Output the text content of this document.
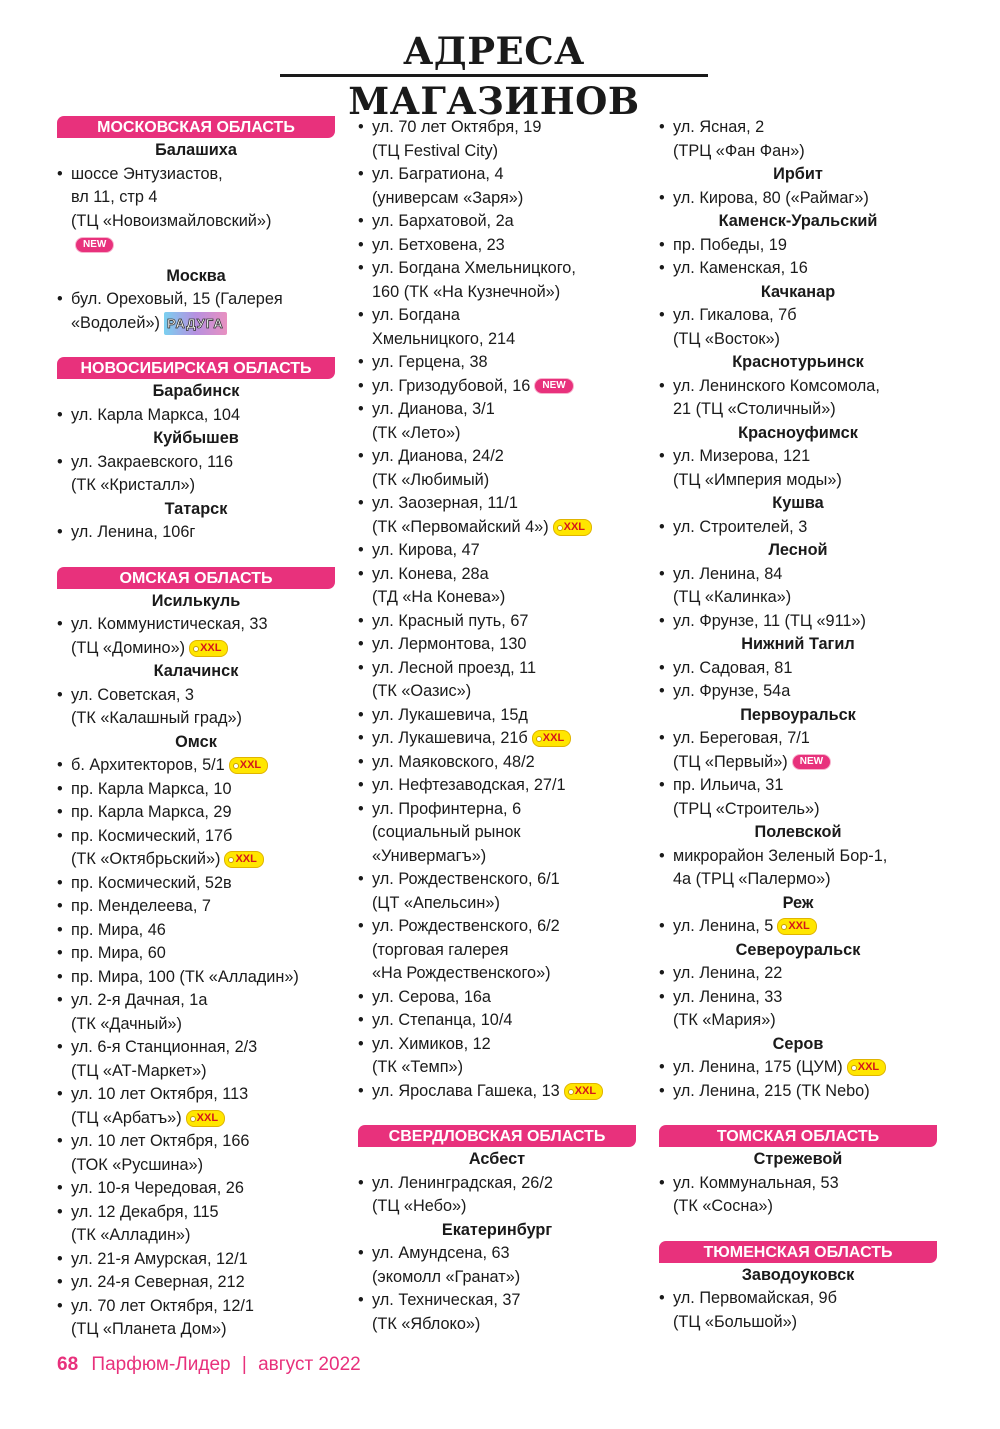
АДРЕСА МАГАЗИНОВ
МОСКОВСКАЯ ОБЛАСТЬ
Балашиха
• шоссе Энтузиастов,
вл 11, стр 4
(ТЦ «Новоизмайловский»)
NEW
Москва
• бул. Ореховый, 15 (Галерея
«Водолей») РАДУГА
НОВОСИБИРСКАЯ ОБЛАСТЬ
Барабинск
• ул. Карла Маркса, 104
Куйбышев
• ул. Закраевского, 116
(ТК «Кристалл»)
Татарск
• ул. Ленина, 106г
ОМСКАЯ ОБЛАСТЬ
Исилькуль
• ул. Коммунистическая, 33
(ТЦ «Домино») XXL
Калачинск
• ул. Советская, 3
(ТК «Калашный град»)
Омск
• б. Архитекторов, 5/1 XXL
• пр. Карла Маркса, 10
• пр. Карла Маркса, 29
• пр. Космический, 17б
(ТК «Октябрьский») XXL
• пр. Космический, 52в
• пр. Менделеева, 7
• пр. Мира, 46
• пр. Мира, 60
• пр. Мира, 100 (ТК «Алладин»)
• ул. 2-я Дачная, 1а
(ТК «Дачный»)
• ул. 6-я Станционная, 2/3
(ТЦ «АТ-Маркет»)
• ул. 10 лет Октября, 113
(ТЦ «Арбатъ») XXL
• ул. 10 лет Октября, 166
(ТОК «Русшина»)
• ул. 10-я Чередовая, 26
• ул. 12 Декабря, 115
(ТК «Алладин»)
• ул. 21-я Амурская, 12/1
• ул. 24-я Северная, 212
• ул. 70 лет Октября, 12/1
(ТЦ «Планета Дом»)
• ул. 70 лет Октября, 19
(ТЦ Festival City)
• ул. Багратиона, 4
(универсам «Заря»)
• ул. Бархатовой, 2а
• ул. Бетховена, 23
• ул. Богдана Хмельницкого,
160 (ТК «На Кузнечной»)
• ул. Богдана
Хмельницкого, 214
• ул. Герцена, 38
• ул. Гризодубовой, 16 NEW
• ул. Дианова, 3/1
(ТК «Лето»)
• ул. Дианова, 24/2
(ТК «Любимый)
• ул. Заозерная, 11/1
(ТК «Первомайский 4») XXL
• ул. Кирова, 47
• ул. Конева, 28а
(ТД «На Конева»)
• ул. Красный путь, 67
• ул. Лермонтова, 130
• ул. Лесной проезд, 11
(ТК «Оазис»)
• ул. Лукашевича, 15д
• ул. Лукашевича, 21б XXL
• ул. Маяковского, 48/2
• ул. Нефтезаводская, 27/1
• ул. Профинтерна, 6
(социальный рынок
«Универмагъ»)
• ул. Рождественского, 6/1
(ЦТ «Апельсин»)
• ул. Рождественского, 6/2
(торговая галерея
«На Рождественского»)
• ул. Серова, 16а
• ул. Степанца, 10/4
• ул. Химиков, 12
(ТК «Темп»)
• ул. Ярослава Гашека, 13 XXL
СВЕРДЛОВСКАЯ ОБЛАСТЬ
Асбест
• ул. Ленинградская, 26/2
(ТЦ «Небо»)
Екатеринбург
• ул. Амундсена, 63
(экомолл «Гранат»)
• ул. Техническая, 37
(ТК «Яблоко»)
• ул. Ясная, 2
(ТРЦ «Фан Фан»)
Ирбит
• ул. Кирова, 80 («Раймаг»)
Каменск-Уральский
• пр. Победы, 19
• ул. Каменская, 16
Качканар
• ул. Гикалова, 7б
(ТЦ «Восток»)
Краснотурьинск
• ул. Ленинского Комсомола,
21 (ТЦ «Столичный»)
Красноуфимск
• ул. Мизерова, 121
(ТЦ «Империя моды»)
Кушва
• ул. Строителей, 3
Лесной
• ул. Ленина, 84
(ТЦ «Калинка»)
• ул. Фрунзе, 11 (ТЦ «911»)
Нижний Тагил
• ул. Садовая, 81
• ул. Фрунзе, 54а
Первоуральск
• ул. Береговая, 7/1
(ТЦ «Первый») NEW
• пр. Ильича, 31
(ТРЦ «Строитель»)
Полевской
• микрорайон Зеленый Бор-1,
4а (ТРЦ «Палермо»)
Реж
• ул. Ленина, 5 XXL
Североуральск
• ул. Ленина, 22
• ул. Ленина, 33
(ТК «Мария»)
Серов
• ул. Ленина, 175 (ЦУМ) XXL
• ул. Ленина, 215 (ТК Nebo)
ТОМСКАЯ ОБЛАСТЬ
Стрежевой
• ул. Коммунальная, 53
(ТК «Сосна»)
ТЮМЕНСКАЯ ОБЛАСТЬ
Заводоуковск
• ул. Первомайская, 9б
(ТЦ «Большой»)
68 Парфюм-Лидер | август 2022
